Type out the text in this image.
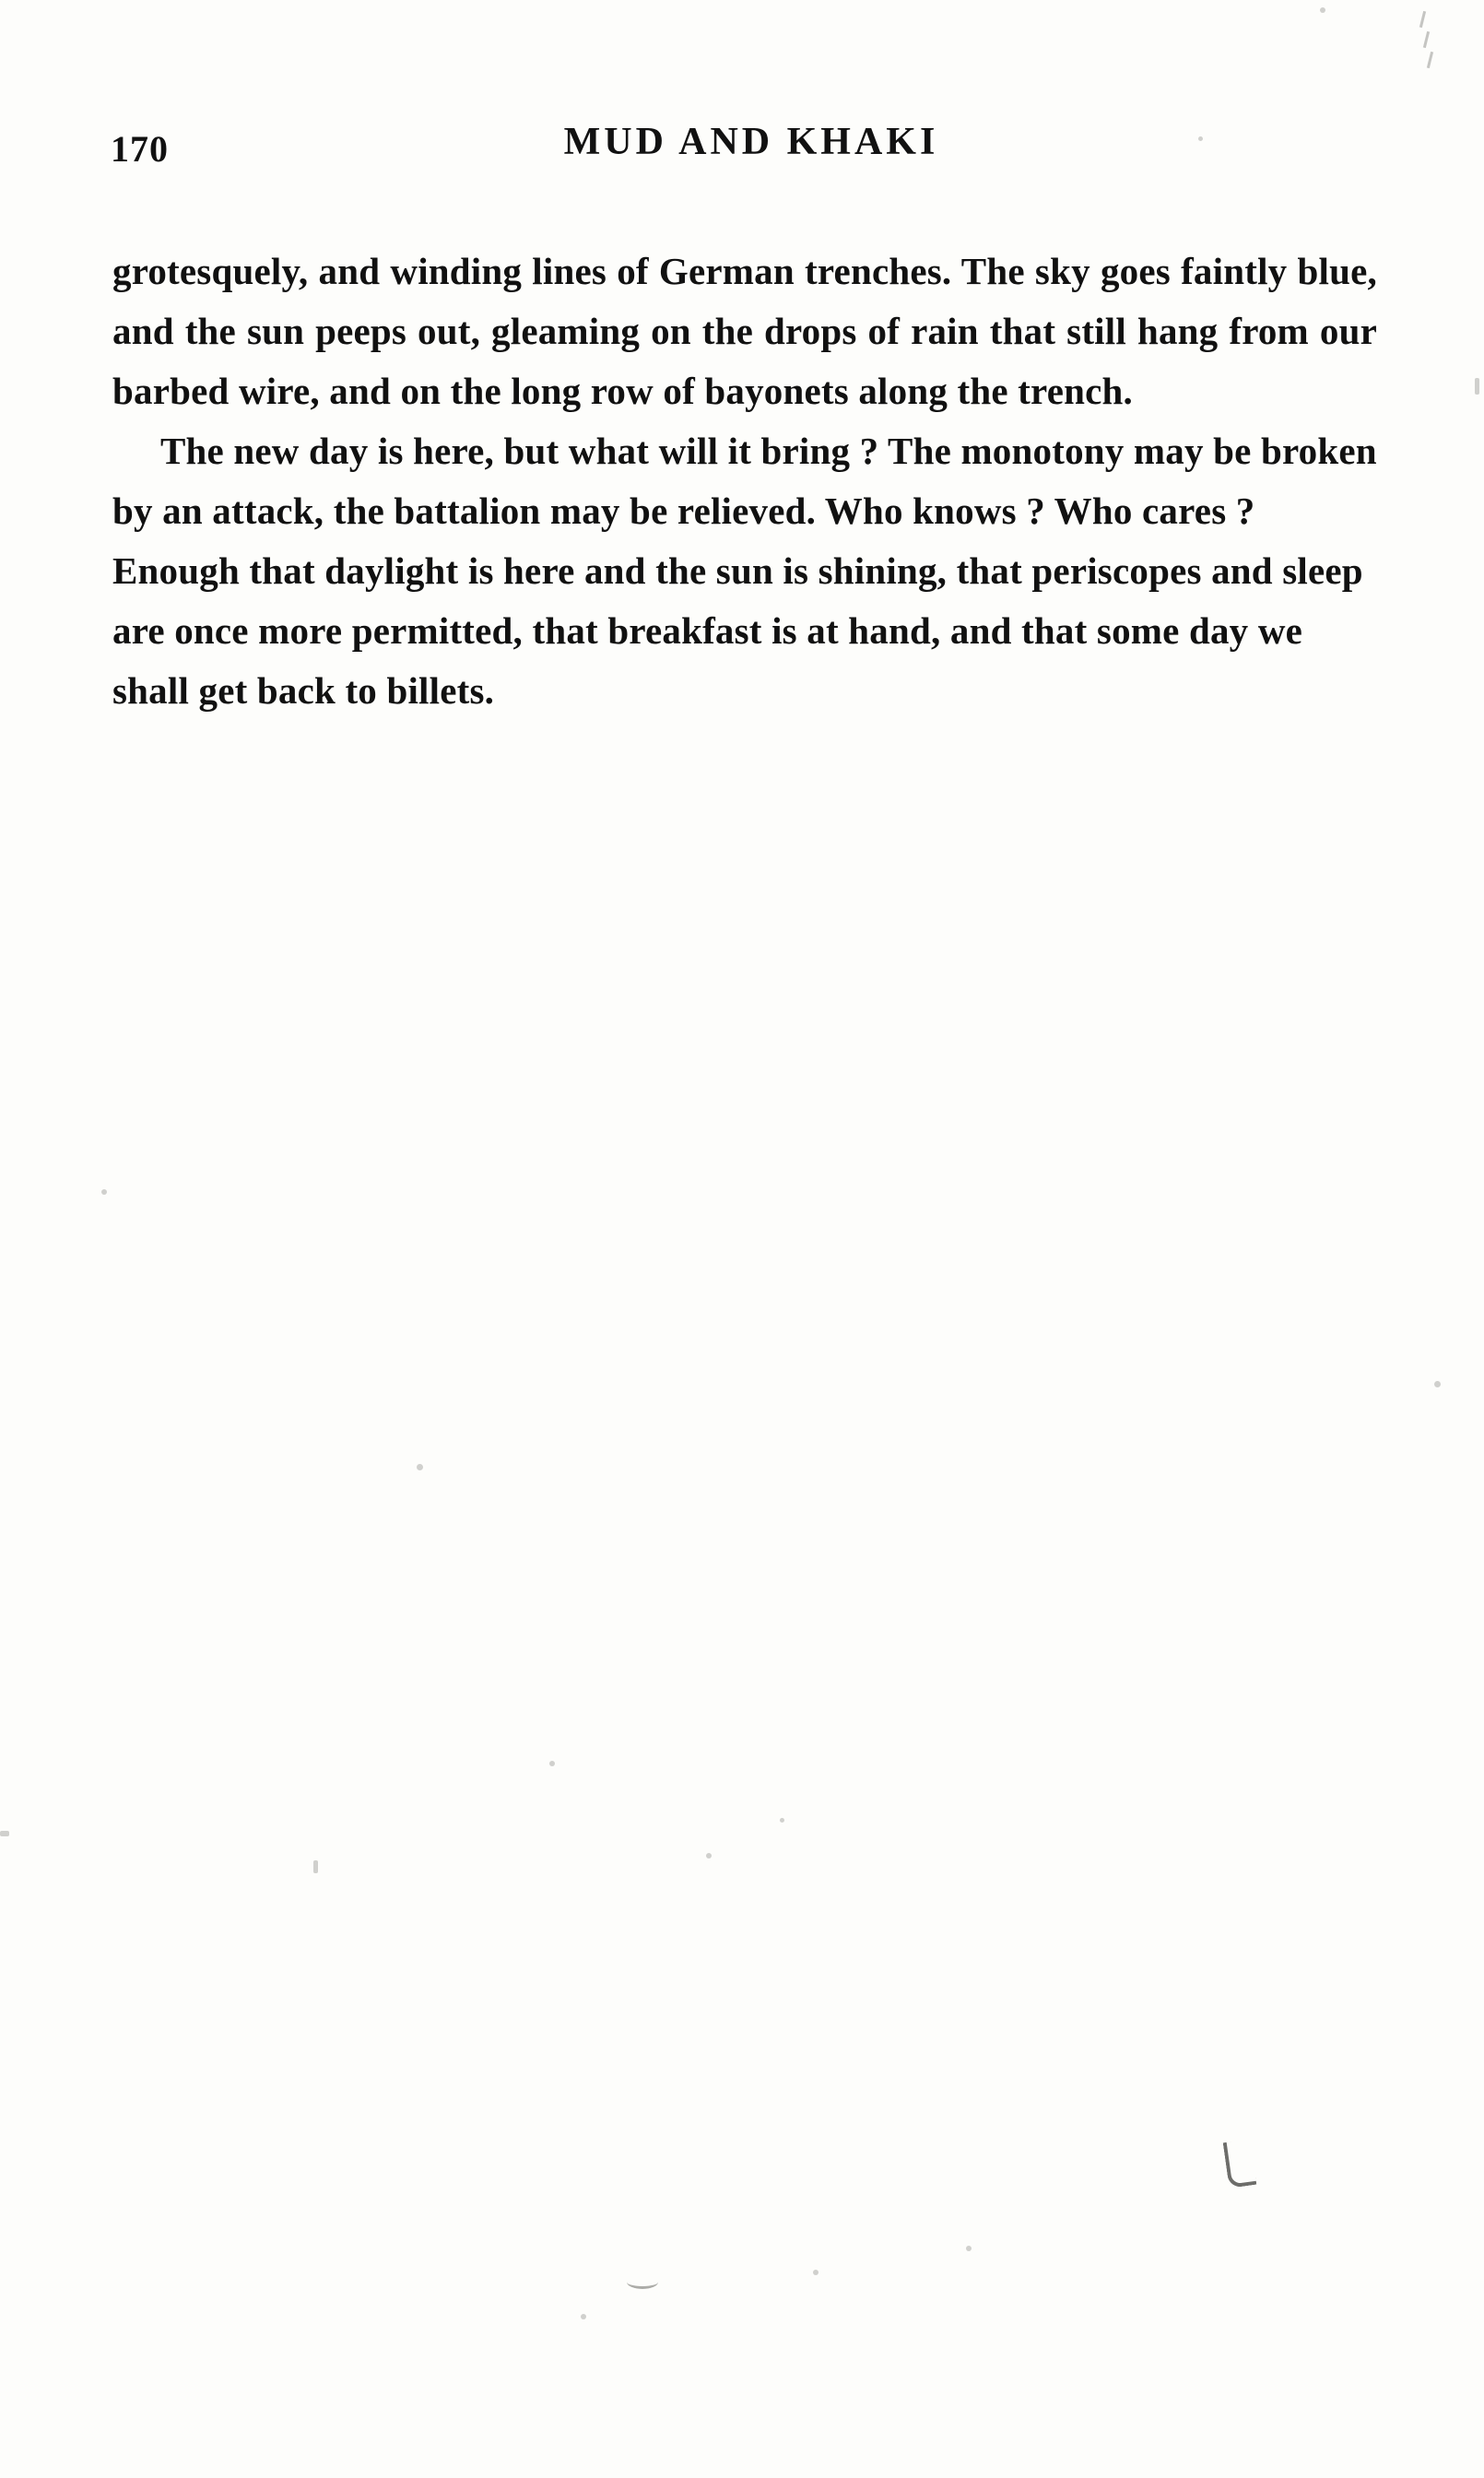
170	MUD AND KHAKI

grotesquely, and winding lines of German trenches. The sky goes faintly blue, and the sun peeps out, gleaming on the drops of rain that still hang from our barbed wire, and on the long row of bayonets along the trench.

The new day is here, but what will it bring ? The monotony may be broken by an attack, the battalion may be relieved. Who knows ? Who cares ? Enough that daylight is here and the sun is shining, that periscopes and sleep are once more permitted, that breakfast is at hand, and that some day we shall get back to billets.
